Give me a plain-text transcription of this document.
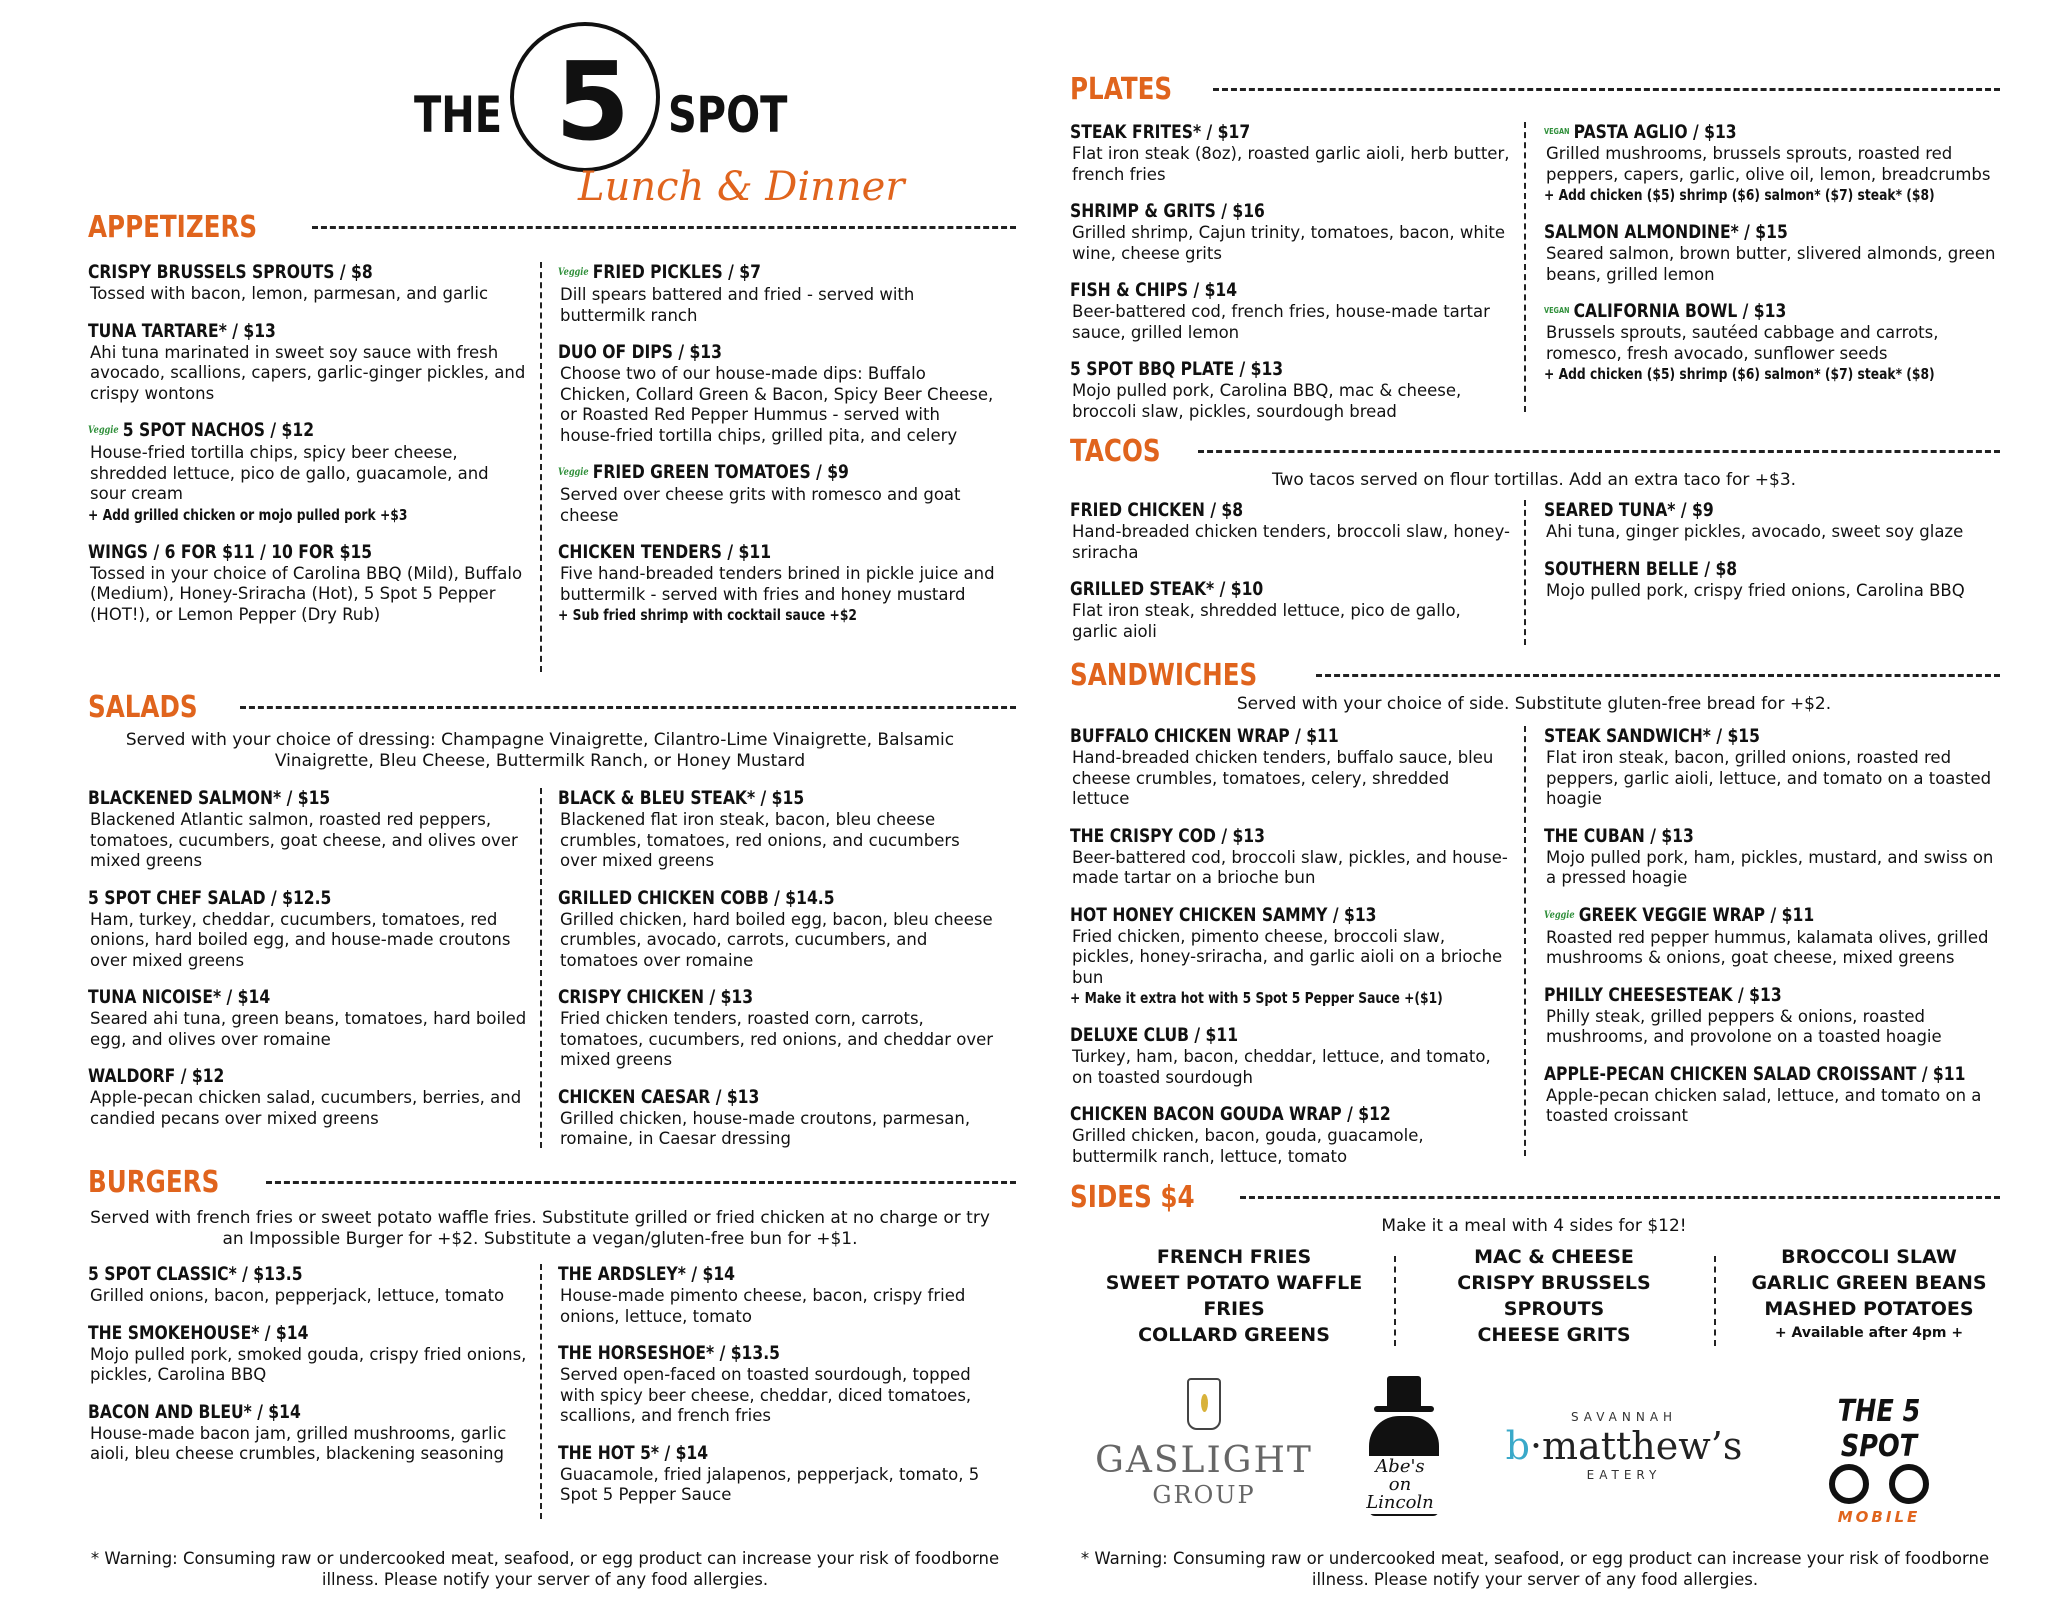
THE 5 SPOT
Lunch & Dinner
APPETIZERS
CRISPY BRUSSELS SPROUTS / $8
Tossed with bacon, lemon, parmesan, and garlic
TUNA TARTARE* / $13
Ahi tuna marinated in sweet soy sauce with fresh avocado, scallions, capers, garlic-ginger pickles, and crispy wontons
Veggie 5 SPOT NACHOS / $12
House-fried tortilla chips, spicy beer cheese, shredded lettuce, pico de gallo, guacamole, and sour cream
+ Add grilled chicken or mojo pulled pork +$3
WINGS / 6 FOR $11 / 10 FOR $15
Tossed in your choice of Carolina BBQ (Mild), Buffalo (Medium), Honey-Sriracha (Hot), 5 Spot 5 Pepper (HOT!), or Lemon Pepper (Dry Rub)
Veggie FRIED PICKLES / $7
Dill spears battered and fried - served with buttermilk ranch
DUO OF DIPS / $13
Choose two of our house-made dips: Buffalo Chicken, Collard Green & Bacon, Spicy Beer Cheese, or Roasted Red Pepper Hummus - served with house-fried tortilla chips, grilled pita, and celery
Veggie FRIED GREEN TOMATOES / $9
Served over cheese grits with romesco and goat cheese
CHICKEN TENDERS / $11
Five hand-breaded tenders brined in pickle juice and buttermilk - served with fries and honey mustard
+ Sub fried shrimp with cocktail sauce +$2
SALADS
Served with your choice of dressing: Champagne Vinaigrette, Cilantro-Lime Vinaigrette, Balsamic Vinaigrette, Bleu Cheese, Buttermilk Ranch, or Honey Mustard
BLACKENED SALMON* / $15
Blackened Atlantic salmon, roasted red peppers, tomatoes, cucumbers, goat cheese, and olives over mixed greens
5 SPOT CHEF SALAD / $12.5
Ham, turkey, cheddar, cucumbers, tomatoes, red onions, hard boiled egg, and house-made croutons over mixed greens
TUNA NICOISE* / $14
Seared ahi tuna, green beans, tomatoes, hard boiled egg, and olives over romaine
WALDORF / $12
Apple-pecan chicken salad, cucumbers, berries, and candied pecans over mixed greens
BLACK & BLEU STEAK* / $15
Blackened flat iron steak, bacon, bleu cheese crumbles, tomatoes, red onions, and cucumbers over mixed greens
GRILLED CHICKEN COBB / $14.5
Grilled chicken, hard boiled egg, bacon, bleu cheese crumbles, avocado, carrots, cucumbers, and tomatoes over romaine
CRISPY CHICKEN / $13
Fried chicken tenders, roasted corn, carrots, tomatoes, cucumbers, red onions, and cheddar over mixed greens
CHICKEN CAESAR / $13
Grilled chicken, house-made croutons, parmesan, romaine, in Caesar dressing
BURGERS
Served with french fries or sweet potato waffle fries. Substitute grilled or fried chicken at no charge or try an Impossible Burger for +$2. Substitute a vegan/gluten-free bun for +$1.
5 SPOT CLASSIC* / $13.5
Grilled onions, bacon, pepperjack, lettuce, tomato
THE SMOKEHOUSE* / $14
Mojo pulled pork, smoked gouda, crispy fried onions, pickles, Carolina BBQ
BACON AND BLEU* / $14
House-made bacon jam, grilled mushrooms, garlic aioli, bleu cheese crumbles, blackening seasoning
THE ARDSLEY* / $14
House-made pimento cheese, bacon, crispy fried onions, lettuce, tomato
THE HORSESHOE* / $13.5
Served open-faced on toasted sourdough, topped with spicy beer cheese, cheddar, diced tomatoes, scallions, and french fries
THE HOT 5* / $14
Guacamole, fried jalapenos, pepperjack, tomato, 5 Spot 5 Pepper Sauce
* Warning: Consuming raw or undercooked meat, seafood, or egg product can increase your risk of foodborne illness. Please notify your server of any food allergies.
PLATES
STEAK FRITES* / $17
Flat iron steak (8oz), roasted garlic aioli, herb butter, french fries
SHRIMP & GRITS / $16
Grilled shrimp, Cajun trinity, tomatoes, bacon, white wine, cheese grits
FISH & CHIPS / $14
Beer-battered cod, french fries, house-made tartar sauce, grilled lemon
5 SPOT BBQ PLATE / $13
Mojo pulled pork, Carolina BBQ, mac & cheese, broccoli slaw, pickles, sourdough bread
VEGAN PASTA AGLIO / $13
Grilled mushrooms, brussels sprouts, roasted red peppers, capers, garlic, olive oil, lemon, breadcrumbs
+ Add chicken ($5) shrimp ($6) salmon* ($7) steak* ($8)
SALMON ALMONDINE* / $15
Seared salmon, brown butter, slivered almonds, green beans, grilled lemon
VEGAN CALIFORNIA BOWL / $13
Brussels sprouts, sautéed cabbage and carrots, romesco, fresh avocado, sunflower seeds
+ Add chicken ($5) shrimp ($6) salmon* ($7) steak* ($8)
TACOS
Two tacos served on flour tortillas. Add an extra taco for +$3.
FRIED CHICKEN / $8
Hand-breaded chicken tenders, broccoli slaw, honey-sriracha
GRILLED STEAK* / $10
Flat iron steak, shredded lettuce, pico de gallo, garlic aioli
SEARED TUNA* / $9
Ahi tuna, ginger pickles, avocado, sweet soy glaze
SOUTHERN BELLE / $8
Mojo pulled pork, crispy fried onions, Carolina BBQ
SANDWICHES
Served with your choice of side. Substitute gluten-free bread for +$2.
BUFFALO CHICKEN WRAP / $11
Hand-breaded chicken tenders, buffalo sauce, bleu cheese crumbles, tomatoes, celery, shredded lettuce
THE CRISPY COD / $13
Beer-battered cod, broccoli slaw, pickles, and house-made tartar on a brioche bun
HOT HONEY CHICKEN SAMMY / $13
Fried chicken, pimento cheese, broccoli slaw, pickles, honey-sriracha, and garlic aioli on a brioche bun
+ Make it extra hot with 5 Spot 5 Pepper Sauce +($1)
DELUXE CLUB / $11
Turkey, ham, bacon, cheddar, lettuce, and tomato, on toasted sourdough
CHICKEN BACON GOUDA WRAP / $12
Grilled chicken, bacon, gouda, guacamole, buttermilk ranch, lettuce, tomato
STEAK SANDWICH* / $15
Flat iron steak, bacon, grilled onions, roasted red peppers, garlic aioli, lettuce, and tomato on a toasted hoagie
THE CUBAN / $13
Mojo pulled pork, ham, pickles, mustard, and swiss on a pressed hoagie
Veggie GREEK VEGGIE WRAP / $11
Roasted red pepper hummus, kalamata olives, grilled mushrooms & onions, goat cheese, mixed greens
PHILLY CHEESESTEAK / $13
Philly steak, grilled peppers & onions, roasted mushrooms, and provolone on a toasted hoagie
APPLE-PECAN CHICKEN SALAD CROISSANT / $11
Apple-pecan chicken salad, lettuce, and tomato on a toasted croissant
SIDES $4
Make it a meal with 4 sides for $12!
FRENCH FRIES
SWEET POTATO WAFFLE FRIES
COLLARD GREENS
MAC & CHEESE
CRISPY BRUSSELS SPROUTS
CHEESE GRITS
BROCCOLI SLAW
GARLIC GREEN BEANS
MASHED POTATOES
+ Available after 4pm +
GASLIGHT
GROUP
Abe's on Lincoln
SAVANNAH
b·matthew’s
EATERY
THE 5 SPOT
MOBILE
* Warning: Consuming raw or undercooked meat, seafood, or egg product can increase your risk of foodborne illness. Please notify your server of any food allergies.
